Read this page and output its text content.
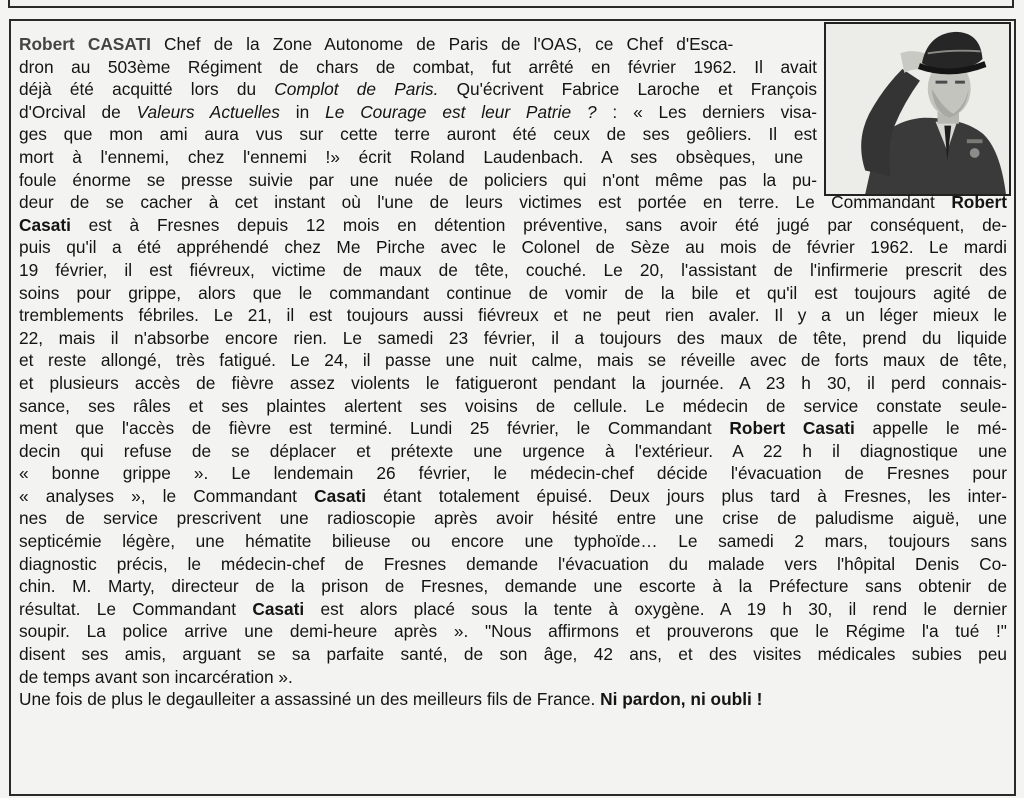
Robert CASATI Chef de la Zone Autonome de Paris de l'OAS, ce Chef d'Esca-
dron au 503ème Régiment de chars de combat, fut arrêté en février 1962. Il avait
déjà été acquitté lors du Complot de Paris. Qu'écrivent Fabrice Laroche et François
d'Orcival de Valeurs Actuelles in Le Courage est leur Patrie ? : « Les derniers visa-
ges que mon ami aura vus sur cette terre auront été ceux de ses geôliers. Il est
mort à l'ennemi, chez l'ennemi !» écrit Roland Laudenbach. A ses obsèques, une
foule énorme se presse suivie par une nuée de policiers qui n'ont même pas la pu-
deur de se cacher à cet instant où l'une de leurs victimes est portée en terre. Le Commandant Robert
Casati est à Fresnes depuis 12 mois en détention préventive, sans avoir été jugé par conséquent, de-
puis qu'il a été appréhendé chez Me Pirche avec le Colonel de Sèze au mois de février 1962. Le mardi
19 février, il est fiévreux, victime de maux de tête, couché. Le 20, l'assistant de l'infirmerie prescrit des
soins pour grippe, alors que le commandant continue de vomir de la bile et qu'il est toujours agité de
tremblements fébriles. Le 21, il est toujours aussi fiévreux et ne peut rien avaler. Il y a un léger mieux le
22, mais il n'absorbe encore rien. Le samedi 23 février, il a toujours des maux de tête, prend du liquide
et reste allongé, très fatigué. Le 24, il passe une nuit calme, mais se réveille avec de forts maux de tête,
et plusieurs accès de fièvre assez violents le fatigueront pendant la journée. A 23 h 30, il perd connais-
sance, ses râles et ses plaintes alertent ses voisins de cellule. Le médecin de service constate seule-
ment que l'accès de fièvre est terminé. Lundi 25 février, le Commandant Robert Casati appelle le mé-
decin qui refuse de se déplacer et prétexte une urgence à l'extérieur. A 22 h il diagnostique une
« bonne grippe ». Le lendemain 26 février, le médecin-chef décide l'évacuation de Fresnes pour
« analyses », le Commandant Casati étant totalement épuisé. Deux jours plus tard à Fresnes, les inter-
nes de service prescrivent une radioscopie après avoir hésité entre une crise de paludisme aiguë, une
septicémie légère, une hématite bilieuse ou encore une typhoïde… Le samedi 2 mars, toujours sans
diagnostic précis, le médecin-chef de Fresnes demande l'évacuation du malade vers l'hôpital Denis Co-
chin. M. Marty, directeur de la prison de Fresnes, demande une escorte à la Préfecture sans obtenir de
résultat. Le Commandant Casati est alors placé sous la tente à oxygène. A 19 h 30, il rend le dernier
soupir. La police arrive une demi-heure après ». "Nous affirmons et prouverons que le Régime l'a tué !"
disent ses amis, arguant se sa parfaite santé, de son âge, 42 ans, et des visites médicales subies peu
de temps avant son incarcération ».
Une fois de plus le degaulleiter a assassiné un des meilleurs fils de France. Ni pardon, ni oubli !
